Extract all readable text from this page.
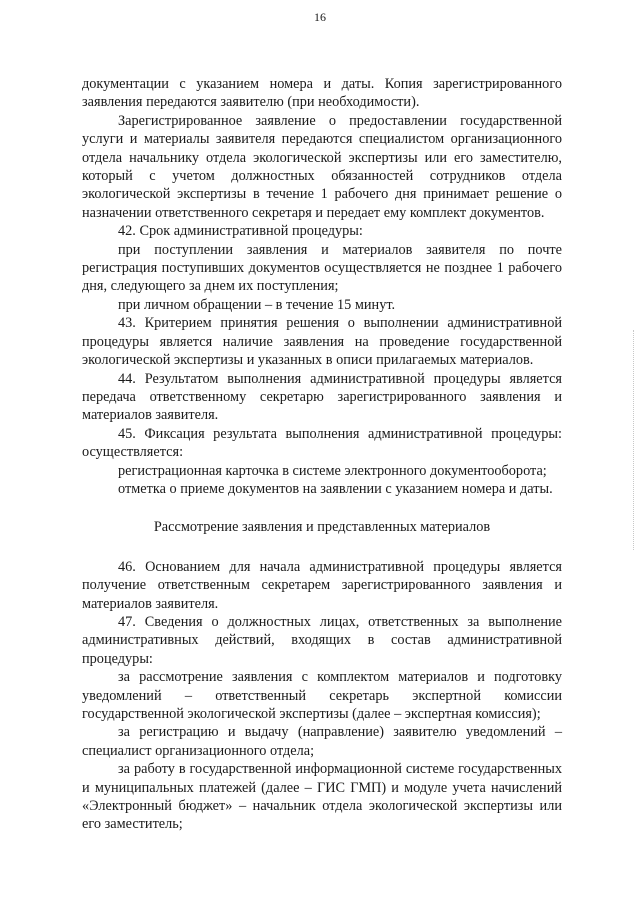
16

документации с указанием номера и даты. Копия зарегистрированного заявления передаются заявителю (при необходимости).

Зарегистрированное заявление о предоставлении государственной услуги и материалы заявителя передаются специалистом организационного отдела начальнику отдела экологической экспертизы или его заместителю, который с учетом должностных обязанностей сотрудников отдела экологической экспертизы в течение 1 рабочего дня принимает решение о назначении ответственного секретаря и передает ему комплект документов.

42. Срок административной процедуры:

при поступлении заявления и материалов заявителя по почте регистрация поступивших документов осуществляется не позднее 1 рабочего дня, следующего за днем их поступления;

при личном обращении – в течение 15 минут.

43. Критерием принятия решения о выполнении административной процедуры является наличие заявления на проведение государственной экологической экспертизы и указанных в описи прилагаемых материалов.

44. Результатом выполнения административной процедуры является передача ответственному секретарю зарегистрированного заявления и материалов заявителя.

45. Фиксация результата выполнения административной процедуры: осуществляется:

регистрационная карточка в системе электронного документооборота;

отметка о приеме документов на заявлении с указанием номера и даты.

Рассмотрение заявления и представленных материалов

46. Основанием для начала административной процедуры является получение ответственным секретарем зарегистрированного заявления и материалов заявителя.

47. Сведения о должностных лицах, ответственных за выполнение административных действий, входящих в состав административной процедуры:

за рассмотрение заявления с комплектом материалов и подготовку уведомлений – ответственный секретарь экспертной комиссии государственной экологической экспертизы (далее – экспертная комиссия);

за регистрацию и выдачу (направление) заявителю уведомлений – специалист организационного отдела;

за работу в государственной информационной системе государственных и муниципальных платежей (далее – ГИС ГМП) и модуле учета начислений «Электронный бюджет» – начальник отдела экологической экспертизы или его заместитель;
